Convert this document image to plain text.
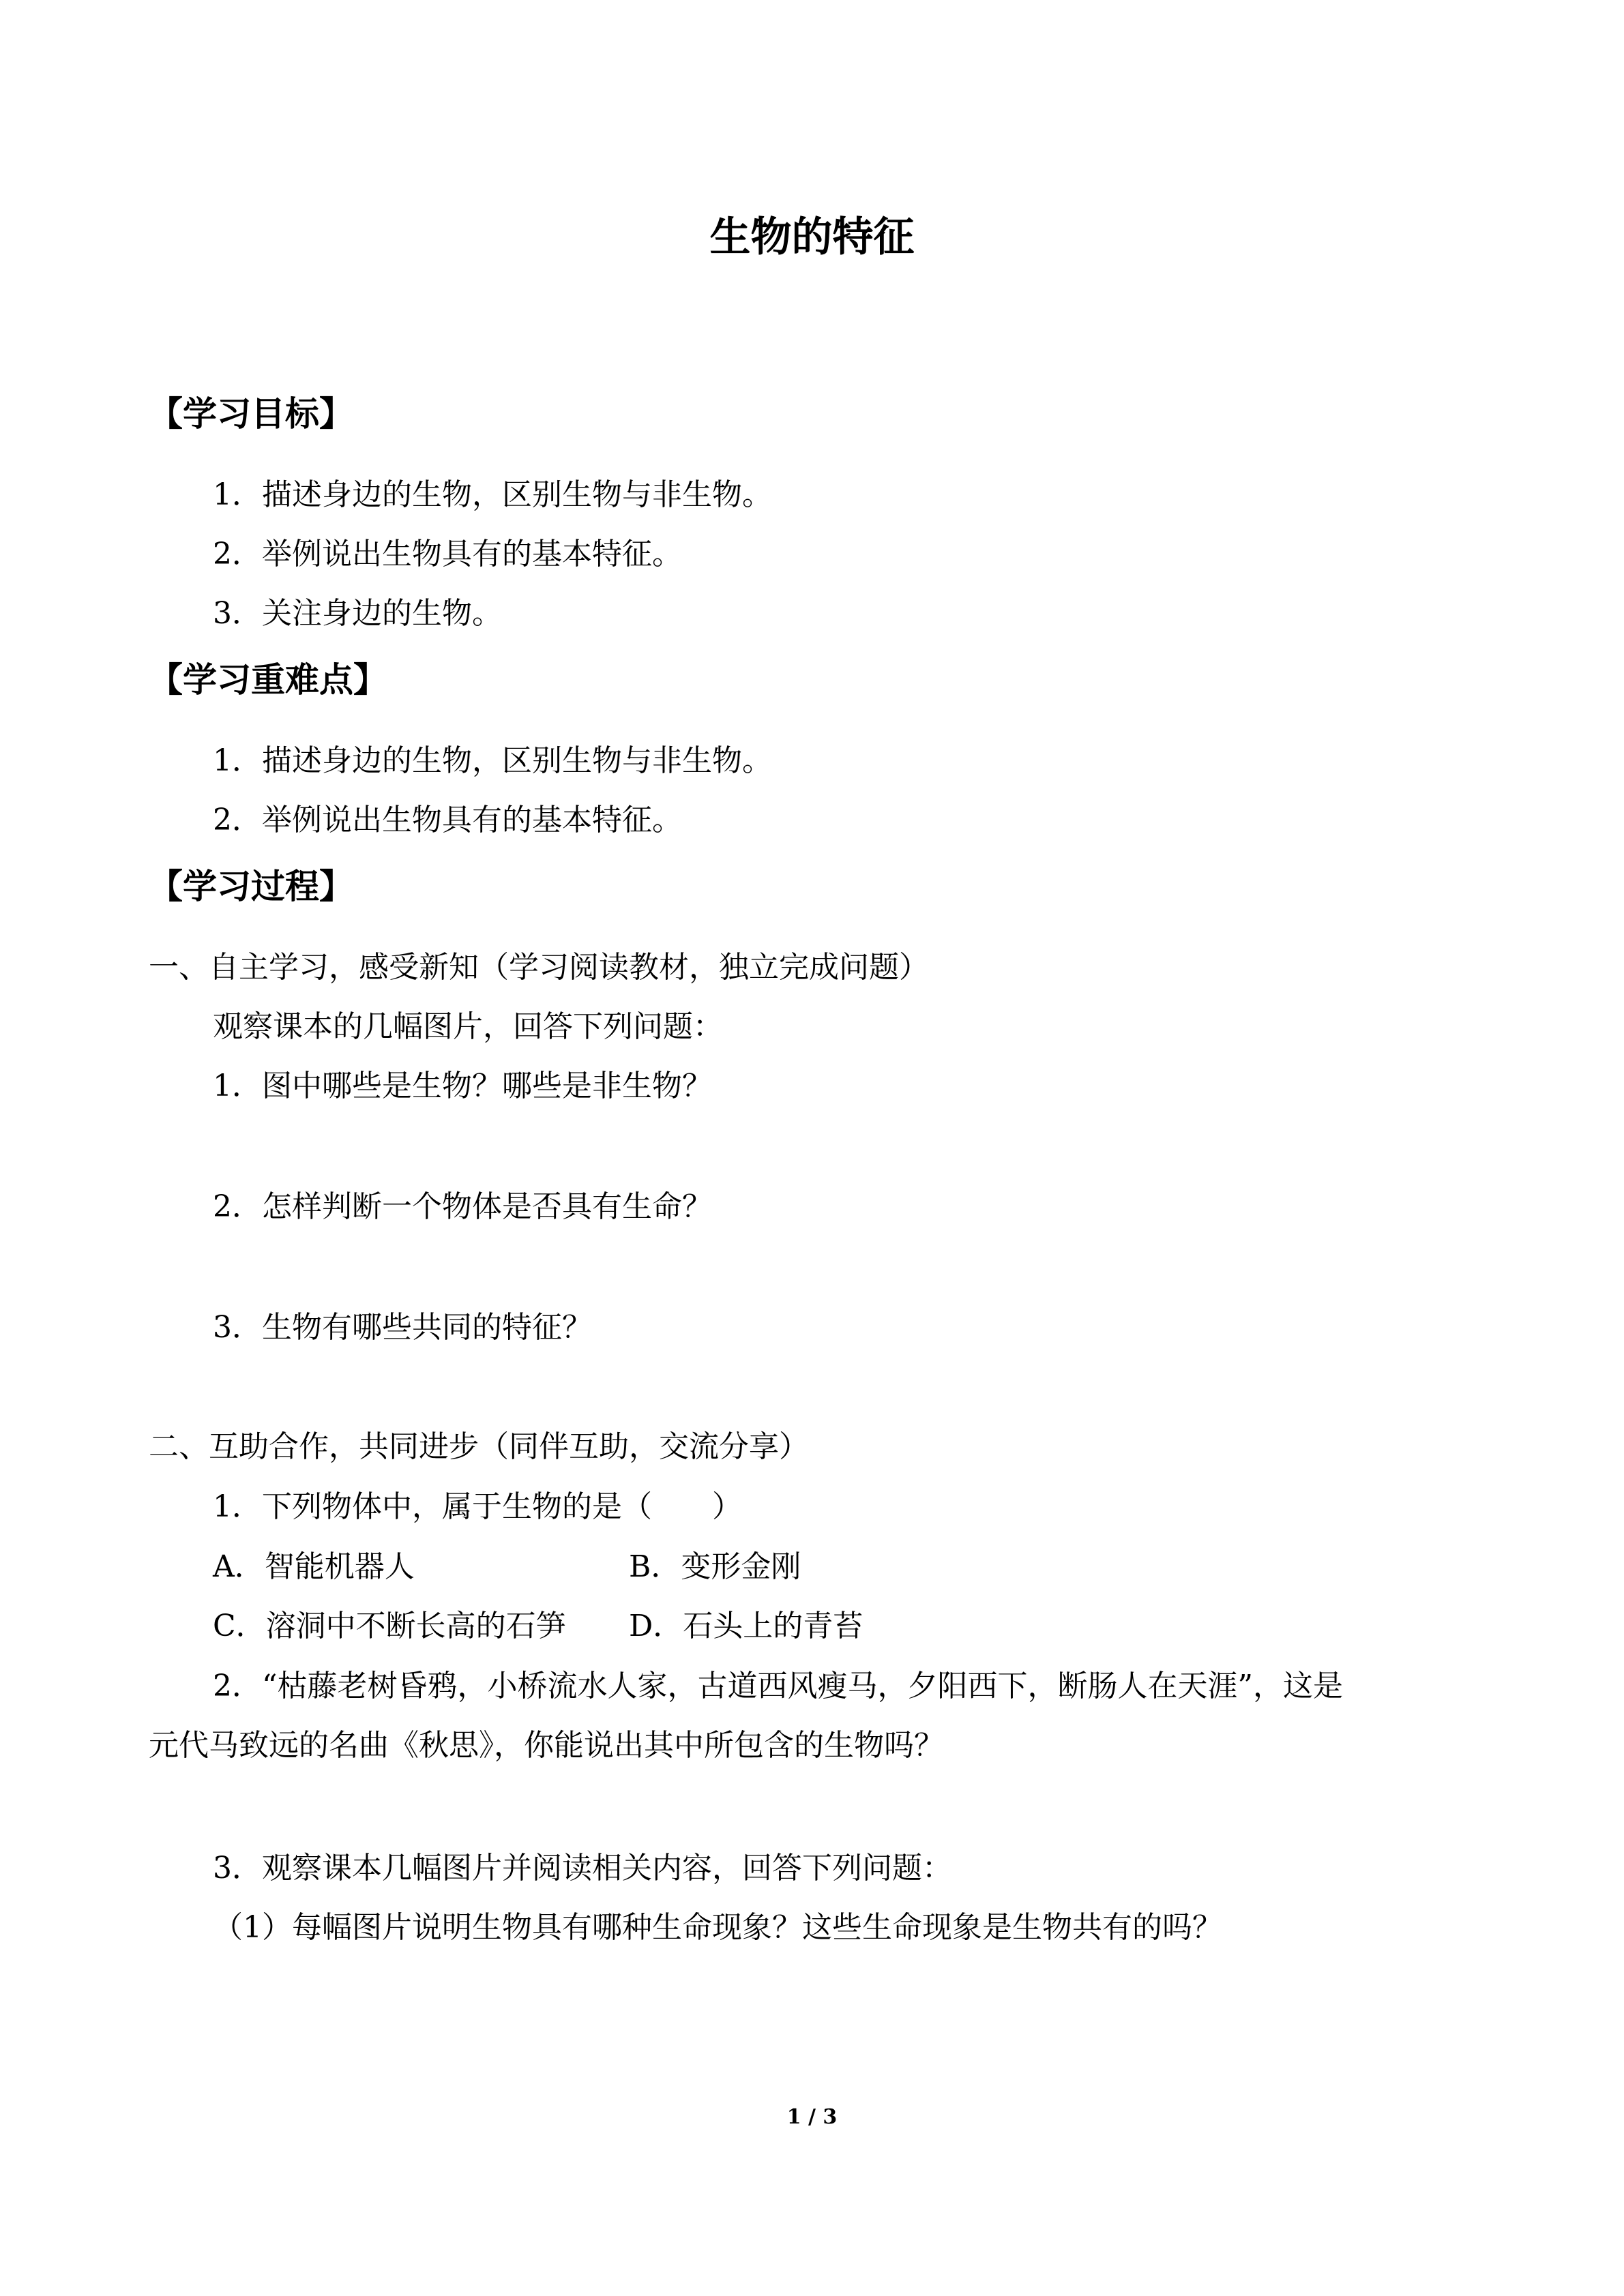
生物的特征
【学习目标】
1．描述身边的生物，区别生物与非生物。
2．举例说出生物具有的基本特征。
3．关注身边的生物。
【学习重难点】
1．描述身边的生物，区别生物与非生物。
2．举例说出生物具有的基本特征。
【学习过程】
一、自主学习，感受新知（学习阅读教材，独立完成问题）
观察课本的几幅图片，回答下列问题：
1．图中哪些是生物？哪些是非生物？
2．怎样判断一个物体是否具有生命？
3．生物有哪些共同的特征？
二、互助合作，共同进步（同伴互助，交流分享）
1．下列物体中，属于生物的是（　　）
A．智能机器人	B．变形金刚
C．溶洞中不断长高的石笋 D．石头上的青苔
2．“枯藤老树昏鸦，小桥流水人家，古道西风瘦马，夕阳西下，断肠人在天涯”，这是
元代马致远的名曲《秋思》，你能说出其中所包含的生物吗？
3．观察课本几幅图片并阅读相关内容，回答下列问题：
（1）每幅图片说明生物具有哪种生命现象？这些生命现象是生物共有的吗？
1 / 3
